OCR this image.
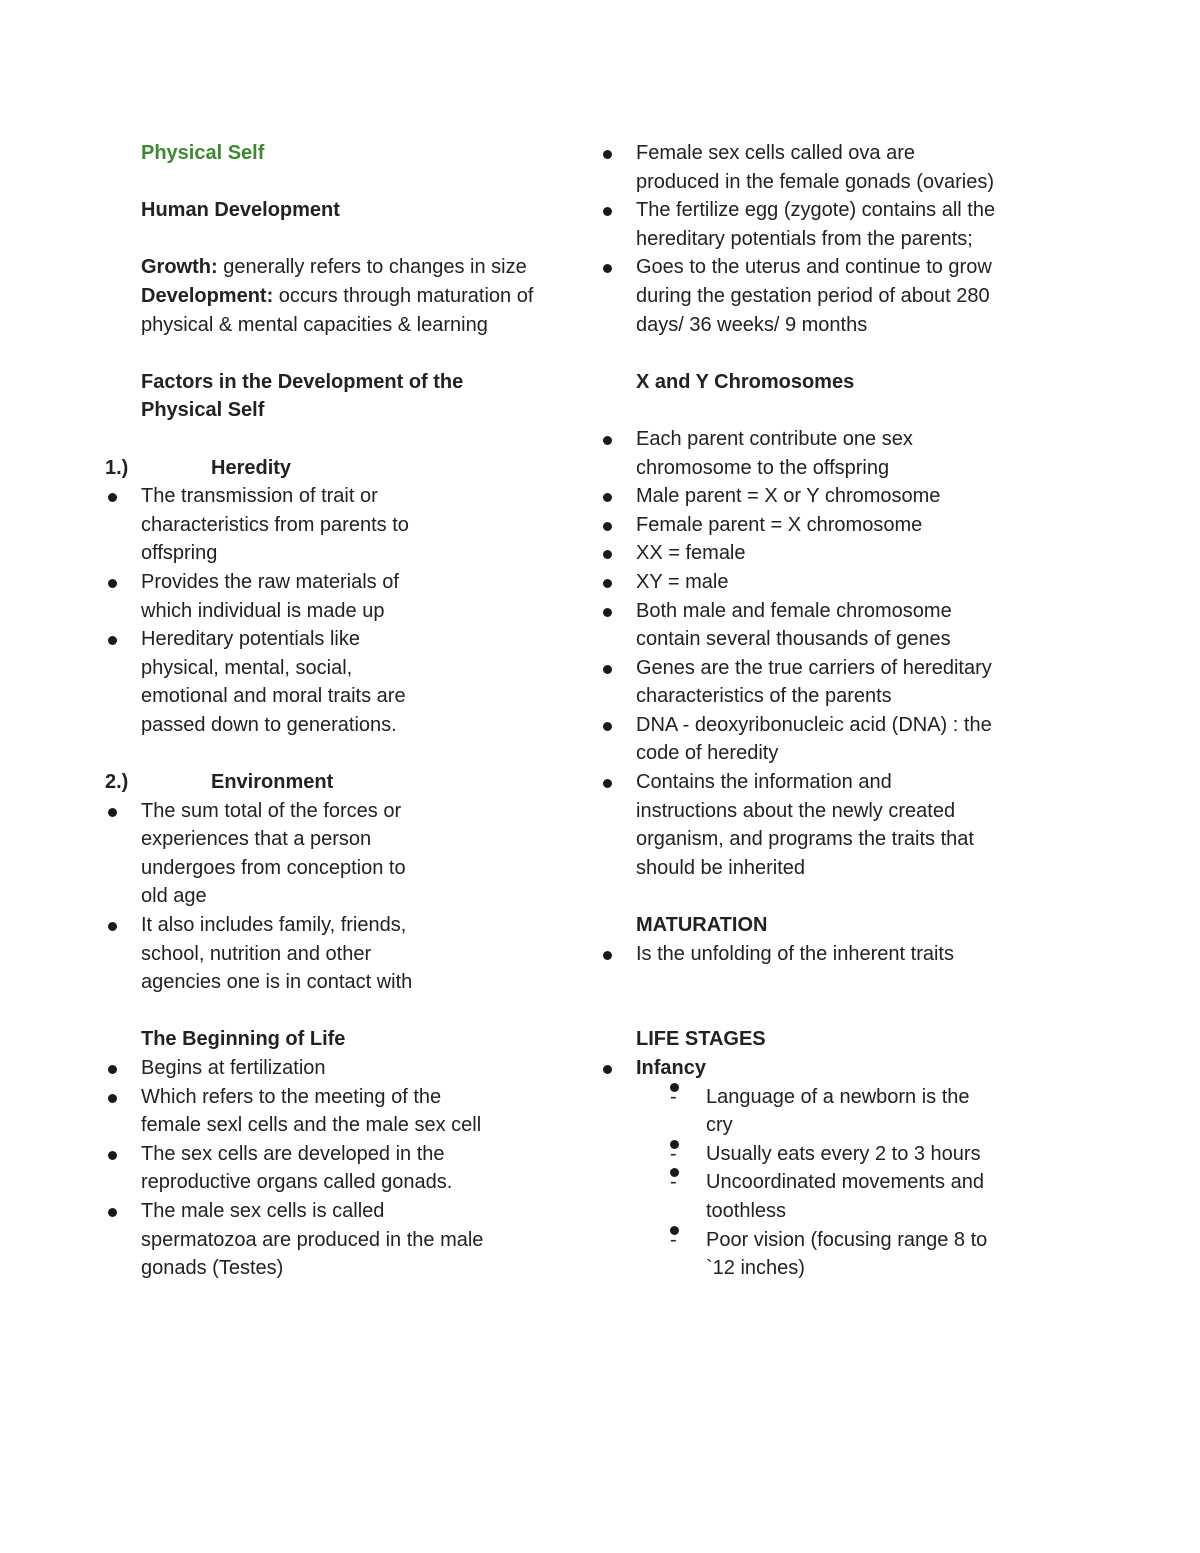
Physical Self

Human Development

Growth: generally refers to changes in size

Development: occurs through maturation of physical & mental capacities & learning

Factors in the Development of the Physical Self

1.)	Heredity
The transmission of trait or characteristics from parents to offspring
Provides the raw materials of which individual is made up
Hereditary potentials like physical, mental, social, emotional and moral traits are passed down to generations.
2.)	Environment
The sum total of the forces or experiences that a person undergoes from conception to old age
It also includes family, friends, school, nutrition and other agencies one is in contact with

The Beginning of Life

Begins at fertilization
Which refers to the meeting of the female sexl cells and the male sex cell
The sex cells are developed in the reproductive organs called gonads.
The male sex cells is called spermatozoa are produced in the male gonads (Testes)
Female sex cells called ova are produced in the female gonads (ovaries)
The fertilize egg (zygote) contains all the hereditary potentials from the parents;
Goes to the uterus and continue to grow during the gestation period of about 280 days/ 36 weeks/ 9 months

X and Y Chromosomes

Each parent contribute one sex chromosome to the offspring
Male parent = X or Y chromosome
Female parent = X chromosome
XX = female
XY = male
Both male and female chromosome contain several thousands of genes
Genes are the true carriers of hereditary characteristics of the parents
DNA - deoxyribonucleic acid (DNA) : the code of heredity
Contains the information and instructions about the newly created organism, and programs the traits that should be inherited

MATURATION

Is the unfolding of the inherent traits

LIFE STAGES

Infancy
- Language of a newborn is the cry
- Usually eats every 2 to 3 hours
- Uncoordinated movements and toothless
- Poor vision (focusing range 8 to `12 inches)
